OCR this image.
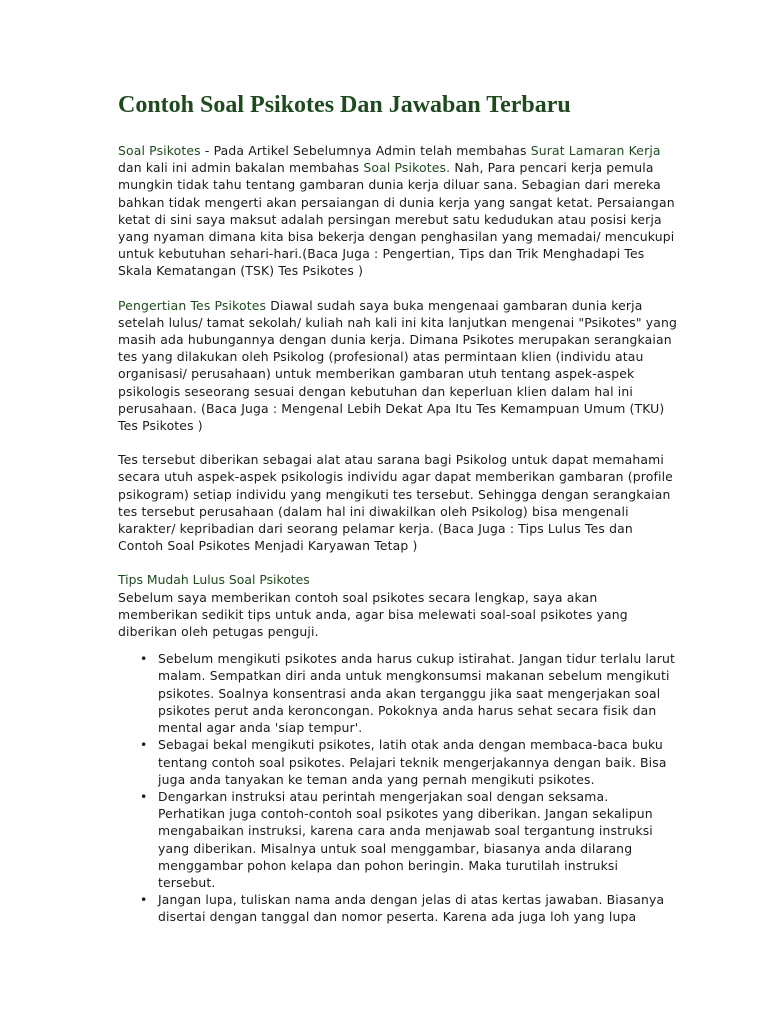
Contoh Soal Psikotes Dan Jawaban Terbaru

Soal Psikotes - Pada Artikel Sebelumnya Admin telah membahas Surat Lamaran Kerja dan kali ini admin bakalan membahas Soal Psikotes. Nah, Para pencari kerja pemula mungkin tidak tahu tentang gambaran dunia kerja diluar sana. Sebagian dari mereka bahkan tidak mengerti akan persaiangan di dunia kerja yang sangat ketat. Persaiangan ketat di sini saya maksut adalah persingan merebut satu kedudukan atau posisi kerja yang nyaman dimana kita bisa bekerja dengan penghasilan yang memadai/ mencukupi untuk kebutuhan sehari-hari.(Baca Juga : Pengertian, Tips dan Trik Menghadapi Tes Skala Kematangan (TSK) Tes Psikotes )

Pengertian Tes Psikotes Diawal sudah saya buka mengenaai gambaran dunia kerja setelah lulus/ tamat sekolah/ kuliah nah kali ini kita lanjutkan mengenai "Psikotes" yang masih ada hubungannya dengan dunia kerja. Dimana Psikotes merupakan serangkaian tes yang dilakukan oleh Psikolog (profesional) atas permintaan klien (individu atau organisasi/ perusahaan) untuk memberikan gambaran utuh tentang aspek-aspek psikologis seseorang sesuai dengan kebutuhan dan keperluan klien dalam hal ini perusahaan. (Baca Juga : Mengenal Lebih Dekat Apa Itu Tes Kemampuan Umum (TKU) Tes Psikotes )

Tes tersebut diberikan sebagai alat atau sarana bagi Psikolog untuk dapat memahami secara utuh aspek-aspek psikologis individu agar dapat memberikan gambaran (profile psikogram) setiap individu yang mengikuti tes tersebut. Sehingga dengan serangkaian tes tersebut perusahaan (dalam hal ini diwakilkan oleh Psikolog) bisa mengenali karakter/ kepribadian dari seorang pelamar kerja. (Baca Juga : Tips Lulus Tes dan Contoh Soal Psikotes Menjadi Karyawan Tetap )

Tips Mudah Lulus Soal Psikotes

Sebelum saya memberikan contoh soal psikotes secara lengkap, saya akan memberikan sedikit tips untuk anda, agar bisa melewati soal-soal psikotes yang diberikan oleh petugas penguji.

• Sebelum mengikuti psikotes anda harus cukup istirahat. Jangan tidur terlalu larut malam. Sempatkan diri anda untuk mengkonsumsi makanan sebelum mengikuti psikotes. Soalnya konsentrasi anda akan terganggu jika saat mengerjakan soal psikotes perut anda keroncongan. Pokoknya anda harus sehat secara fisik dan mental agar anda 'siap tempur'.
• Sebagai bekal mengikuti psikotes, latih otak anda dengan membaca-baca buku tentang contoh soal psikotes. Pelajari teknik mengerjakannya dengan baik. Bisa juga anda tanyakan ke teman anda yang pernah mengikuti psikotes.
• Dengarkan instruksi atau perintah mengerjakan soal dengan seksama. Perhatikan juga contoh-contoh soal psikotes yang diberikan. Jangan sekalipun mengabaikan instruksi, karena cara anda menjawab soal tergantung instruksi yang diberikan. Misalnya untuk soal menggambar, biasanya anda dilarang menggambar pohon kelapa dan pohon beringin. Maka turutilah instruksi tersebut.
• Jangan lupa, tuliskan nama anda dengan jelas di atas kertas jawaban. Biasanya disertai dengan tanggal dan nomor peserta. Karena ada juga loh yang lupa
